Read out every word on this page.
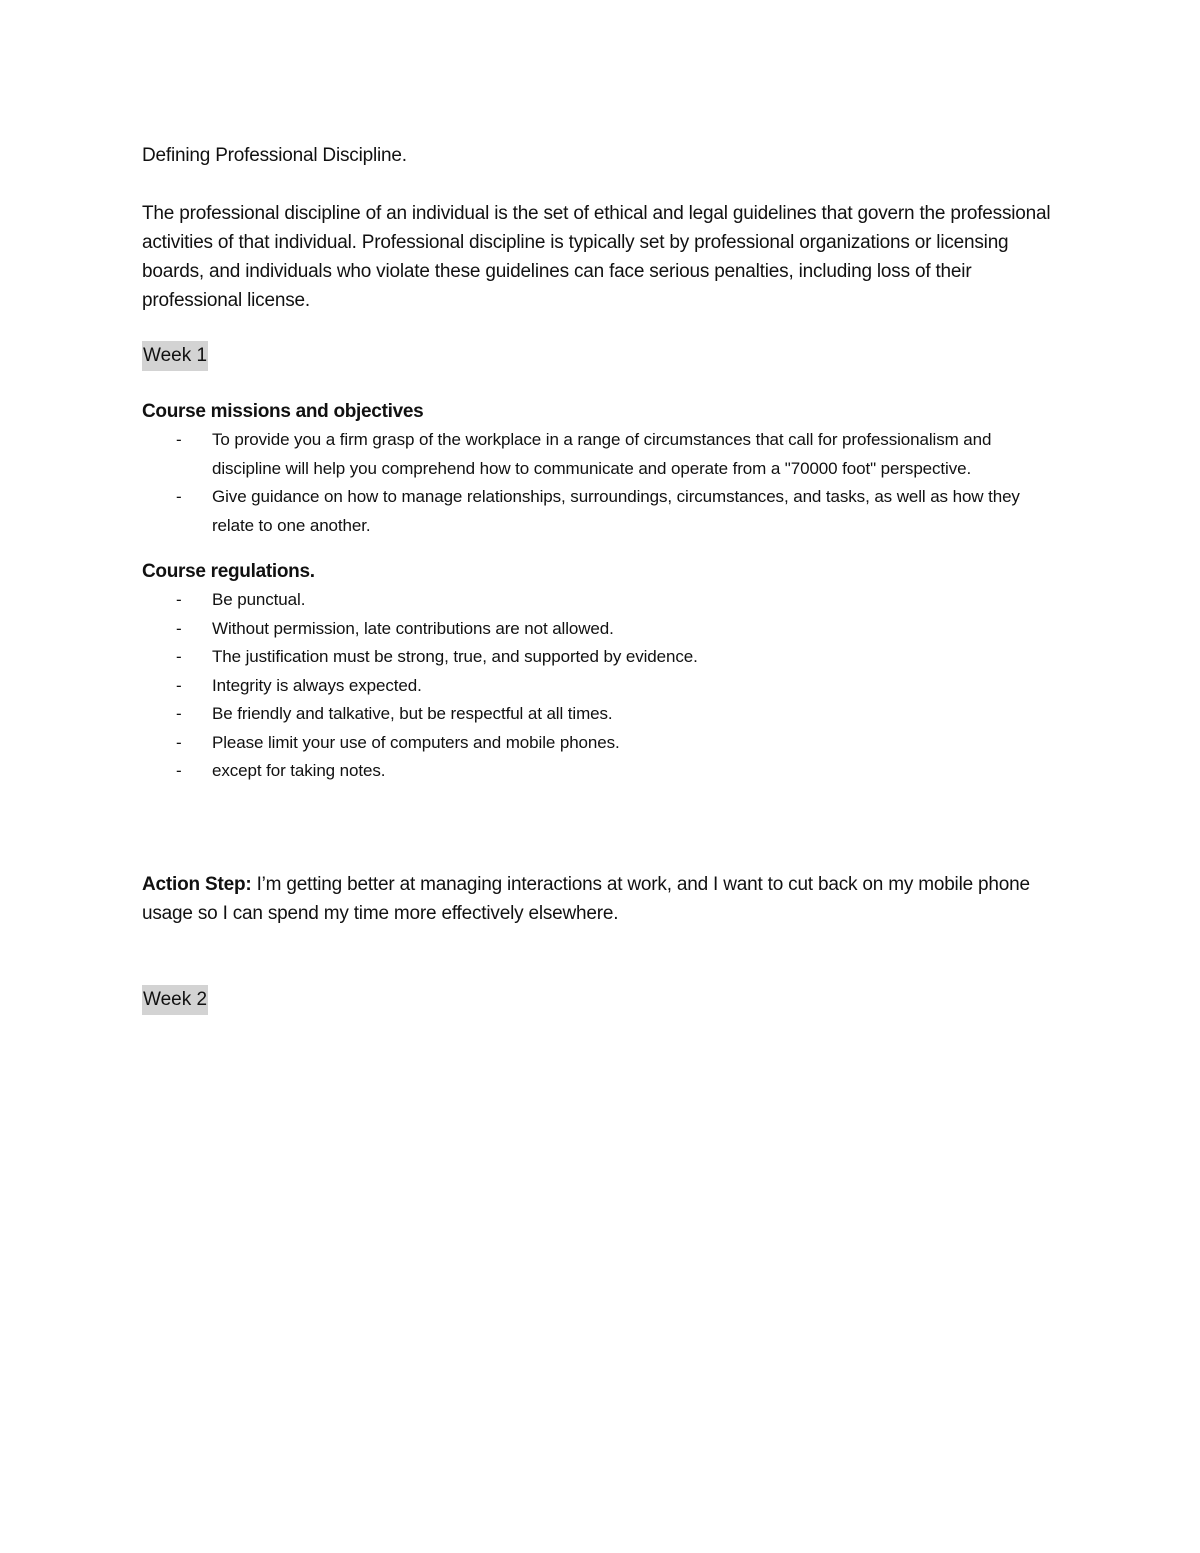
Defining Professional Discipline.

The professional discipline of an individual is the set of ethical and legal guidelines that govern the professional activities of that individual. Professional discipline is typically set by professional organizations or licensing boards, and individuals who violate these guidelines can face serious penalties, including loss of their professional license.

Week 1

Course missions and objectives

- To provide you a firm grasp of the workplace in a range of circumstances that call for professionalism and discipline will help you comprehend how to communicate and operate from a "70000 foot" perspective.
- Give guidance on how to manage relationships, surroundings, circumstances, and tasks, as well as how they relate to one another.

Course regulations.

- Be punctual.
- Without permission, late contributions are not allowed.
- The justification must be strong, true, and supported by evidence.
- Integrity is always expected.
- Be friendly and talkative, but be respectful at all times.
- Please limit your use of computers and mobile phones.
- except for taking notes.

Action Step: I’m getting better at managing interactions at work, and I want to cut back on my mobile phone usage so I can spend my time more effectively elsewhere.

Week 2
